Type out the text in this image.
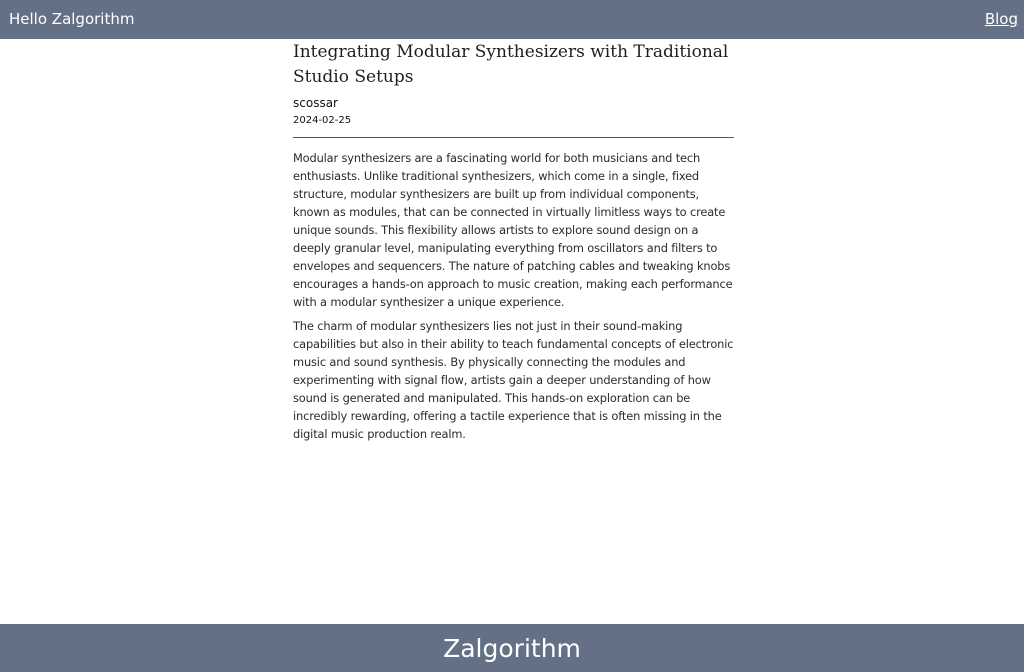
Hello Zalgorithm	Blog
Integrating Modular Synthesizers with Traditional Studio Setups
scossar
2024-02-25

Modular synthesizers are a fascinating world for both musicians and tech enthusiasts. Unlike traditional synthesizers, which come in a single, fixed structure, modular synthesizers are built up from individual components, known as modules, that can be connected in virtually limitless ways to create unique sounds. This flexibility allows artists to explore sound design on a deeply granular level, manipulating everything from oscillators and filters to envelopes and sequencers. The nature of patching cables and tweaking knobs encourages a hands-on approach to music creation, making each performance with a modular synthesizer a unique experience.

The charm of modular synthesizers lies not just in their sound-making capabilities but also in their ability to teach fundamental concepts of electronic music and sound synthesis. By physically connecting the modules and experimenting with signal flow, artists gain a deeper understanding of how sound is generated and manipulated. This hands-on exploration can be incredibly rewarding, offering a tactile experience that is often missing in the digital music production realm.

Zalgorithm
